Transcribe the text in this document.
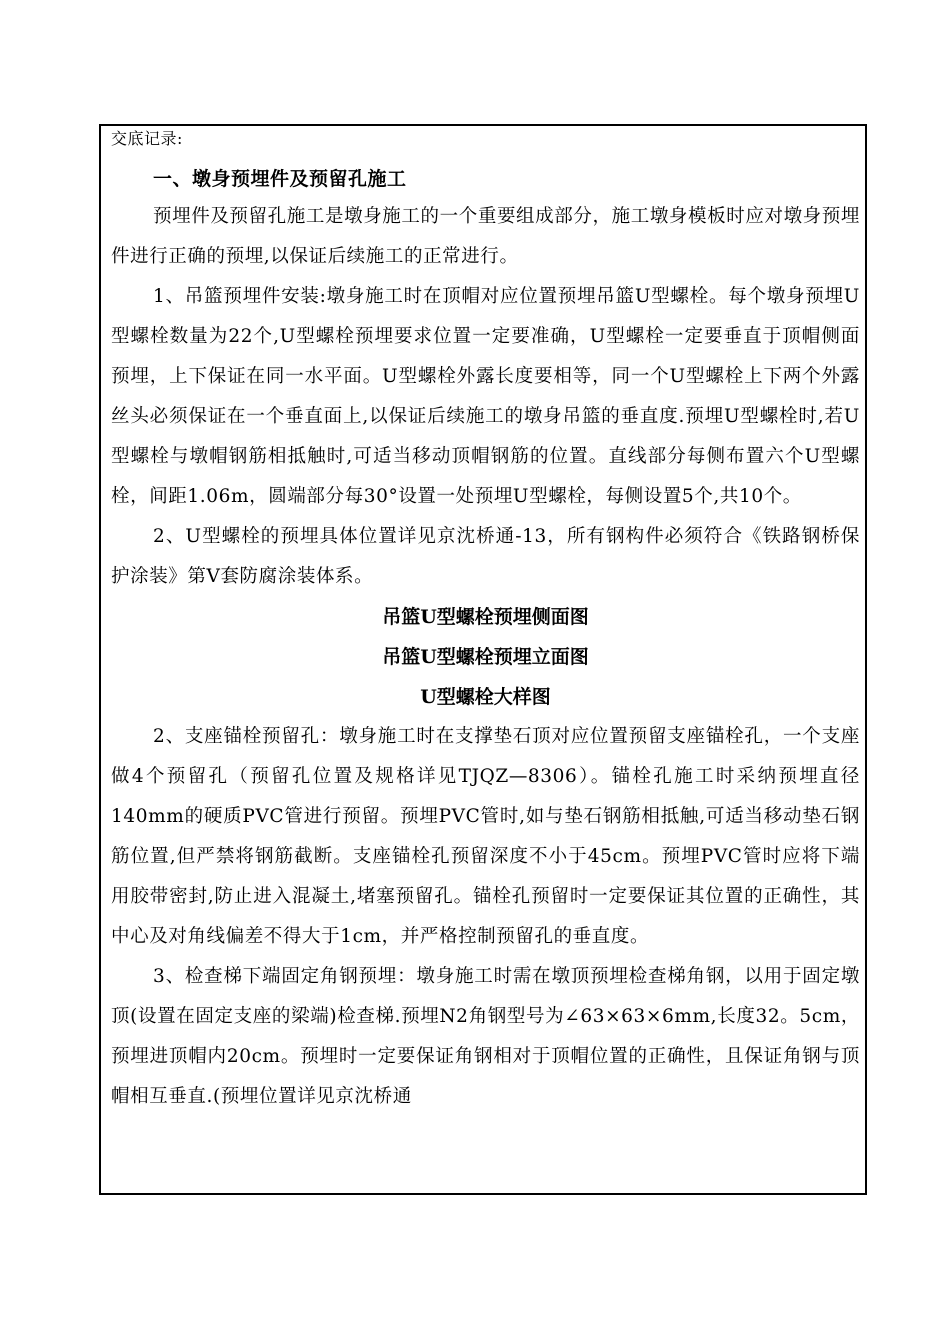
交底记录:
一、墩身预埋件及预留孔施工

预埋件及预留孔施工是墩身施工的一个重要组成部分，施工墩身模板时应对墩身预埋件进行正确的预埋,以保证后续施工的正常进行。

1、吊篮预埋件安装:墩身施工时在顶帽对应位置预埋吊篮U型螺栓。每个墩身预埋U型螺栓数量为22个,U型螺栓预埋要求位置一定要准确，U型螺栓一定要垂直于顶帽侧面预埋，上下保证在同一水平面。U型螺栓外露长度要相等，同一个U型螺栓上下两个外露丝头必须保证在一个垂直面上,以保证后续施工的墩身吊篮的垂直度.预埋U型螺栓时,若U型螺栓与墩帽钢筋相抵触时,可适当移动顶帽钢筋的位置。直线部分每侧布置六个U型螺栓，间距1.06m，圆端部分每30°设置一处预埋U型螺栓，每侧设置5个,共10个。

2、U型螺栓的预埋具体位置详见京沈桥通-13，所有钢构件必须符合《铁路钢桥保护涂装》第V套防腐涂装体系。

吊篮U型螺栓预埋侧面图
吊篮U型螺栓预埋立面图
U型螺栓大样图

2、支座锚栓预留孔：墩身施工时在支撑垫石顶对应位置预留支座锚栓孔，一个支座做4个预留孔（预留孔位置及规格详见TJQZ—8306）。锚栓孔施工时采纳预埋直径140mm的硬质PVC管进行预留。预埋PVC管时,如与垫石钢筋相抵触,可适当移动垫石钢筋位置,但严禁将钢筋截断。支座锚栓孔预留深度不小于45cm。预埋PVC管时应将下端用胶带密封,防止进入混凝土,堵塞预留孔。锚栓孔预留时一定要保证其位置的正确性，其中心及对角线偏差不得大于1cm，并严格控制预留孔的垂直度。

3、检查梯下端固定角钢预埋：墩身施工时需在墩顶预埋检查梯角钢，以用于固定墩顶(设置在固定支座的梁端)检查梯.预埋N2角钢型号为∠63×63×6mm,长度32。5cm，预埋进顶帽内20cm。预埋时一定要保证角钢相对于顶帽位置的正确性，且保证角钢与顶帽相互垂直.(预埋位置详见京沈桥通
